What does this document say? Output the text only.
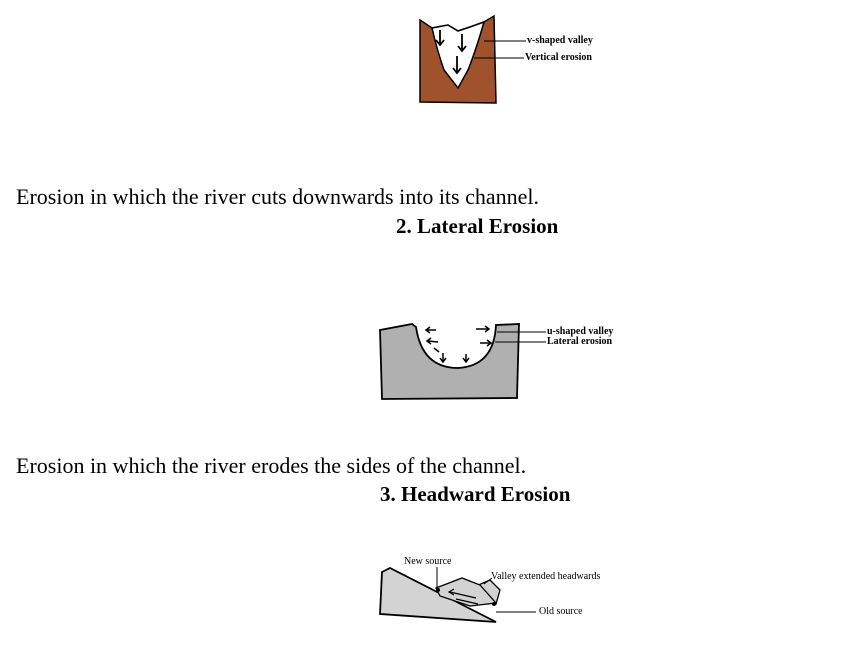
v-shaped valley
Vertical erosion
Erosion in which the river cuts downwards into its channel.
2. Lateral Erosion
u-shaped valley
Lateral erosion
Erosion in which the river erodes the sides of the channel.
3. Headward Erosion
New source
Valley extended headwards
Old source
